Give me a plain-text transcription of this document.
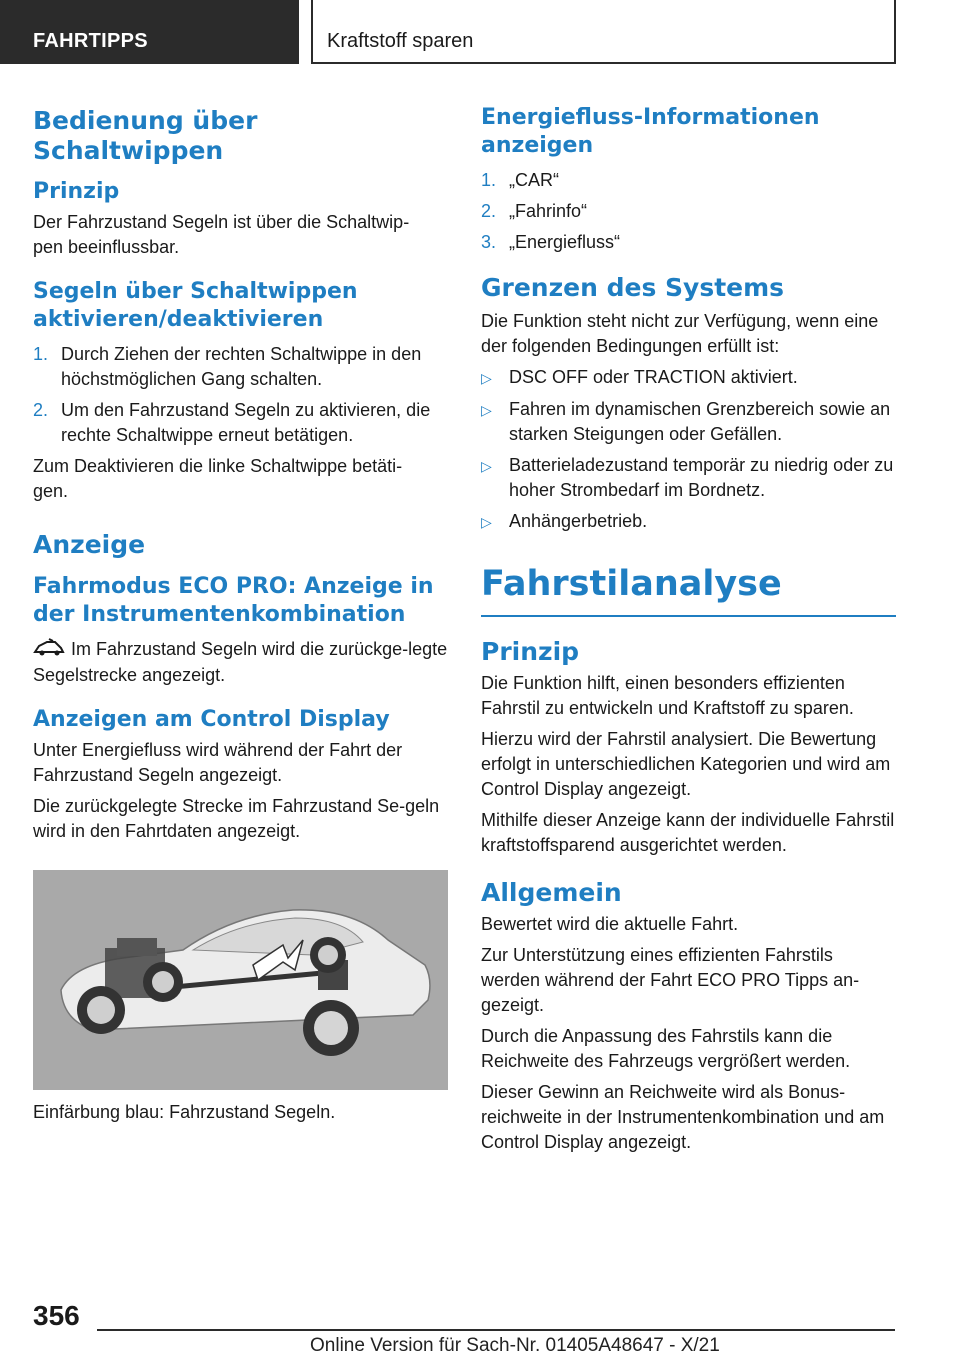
FAHRTIPPS	Kraftstoff sparen
Bedienung über Schaltwippen
Prinzip

Der Fahrzustand Segeln ist über die Schaltwip‐pen beeinflussbar.

Segeln über Schaltwippen aktivieren/deaktivieren
1. Durch Ziehen der rechten Schaltwippe in den höchstmöglichen Gang schalten.
2. Um den Fahrzustand Segeln zu aktivieren, die rechte Schaltwippe erneut betätigen.

Zum Deaktivieren die linke Schaltwippe betäti‐gen.

Anzeige
Fahrmodus ECO PRO: Anzeige in der Instrumentenkombination

Im Fahrzustand Segeln wird die zurückge‐legte Segelstrecke angezeigt.

Anzeigen am Control Display

Unter Energiefluss wird während der Fahrt der Fahrzustand Segeln angezeigt.

Die zurückgelegte Strecke im Fahrzustand Se‐geln wird in den Fahrtdaten angezeigt.

Einfärbung blau: Fahrzustand Segeln.
Energiefluss-Informationen anzeigen
1. „CAR“
2. „Fahrinfo“
3. „Energiefluss“
Grenzen des Systems

Die Funktion steht nicht zur Verfügung, wenn eine der folgenden Bedingungen erfüllt ist:

▷ DSC OFF oder TRACTION aktiviert.
▷ Fahren im dynamischen Grenzbereich sowie an starken Steigungen oder Gefällen.
▷ Batterieladezustand temporär zu niedrig oder zu hoher Strombedarf im Bordnetz.
▷ Anhängerbetrieb.
Fahrstilanalyse
Prinzip

Die Funktion hilft, einen besonders effizienten Fahrstil zu entwickeln und Kraftstoff zu sparen.

Hierzu wird der Fahrstil analysiert. Die Bewertung erfolgt in unterschiedlichen Kategorien und wird am Control Display angezeigt.

Mithilfe dieser Anzeige kann der individuelle Fahrstil kraftstoffsparend ausgerichtet werden.

Allgemein

Bewertet wird die aktuelle Fahrt.

Zur Unterstützung eines effizienten Fahrstils werden während der Fahrt ECO PRO Tipps an‐gezeigt.

Durch die Anpassung des Fahrstils kann die Reichweite des Fahrzeugs vergrößert werden.

Dieser Gewinn an Reichweite wird als Bonus‐reichweite in der Instrumentenkombination und am Control Display angezeigt.

356
Online Version für Sach-Nr. 01405A48647 - X/21
